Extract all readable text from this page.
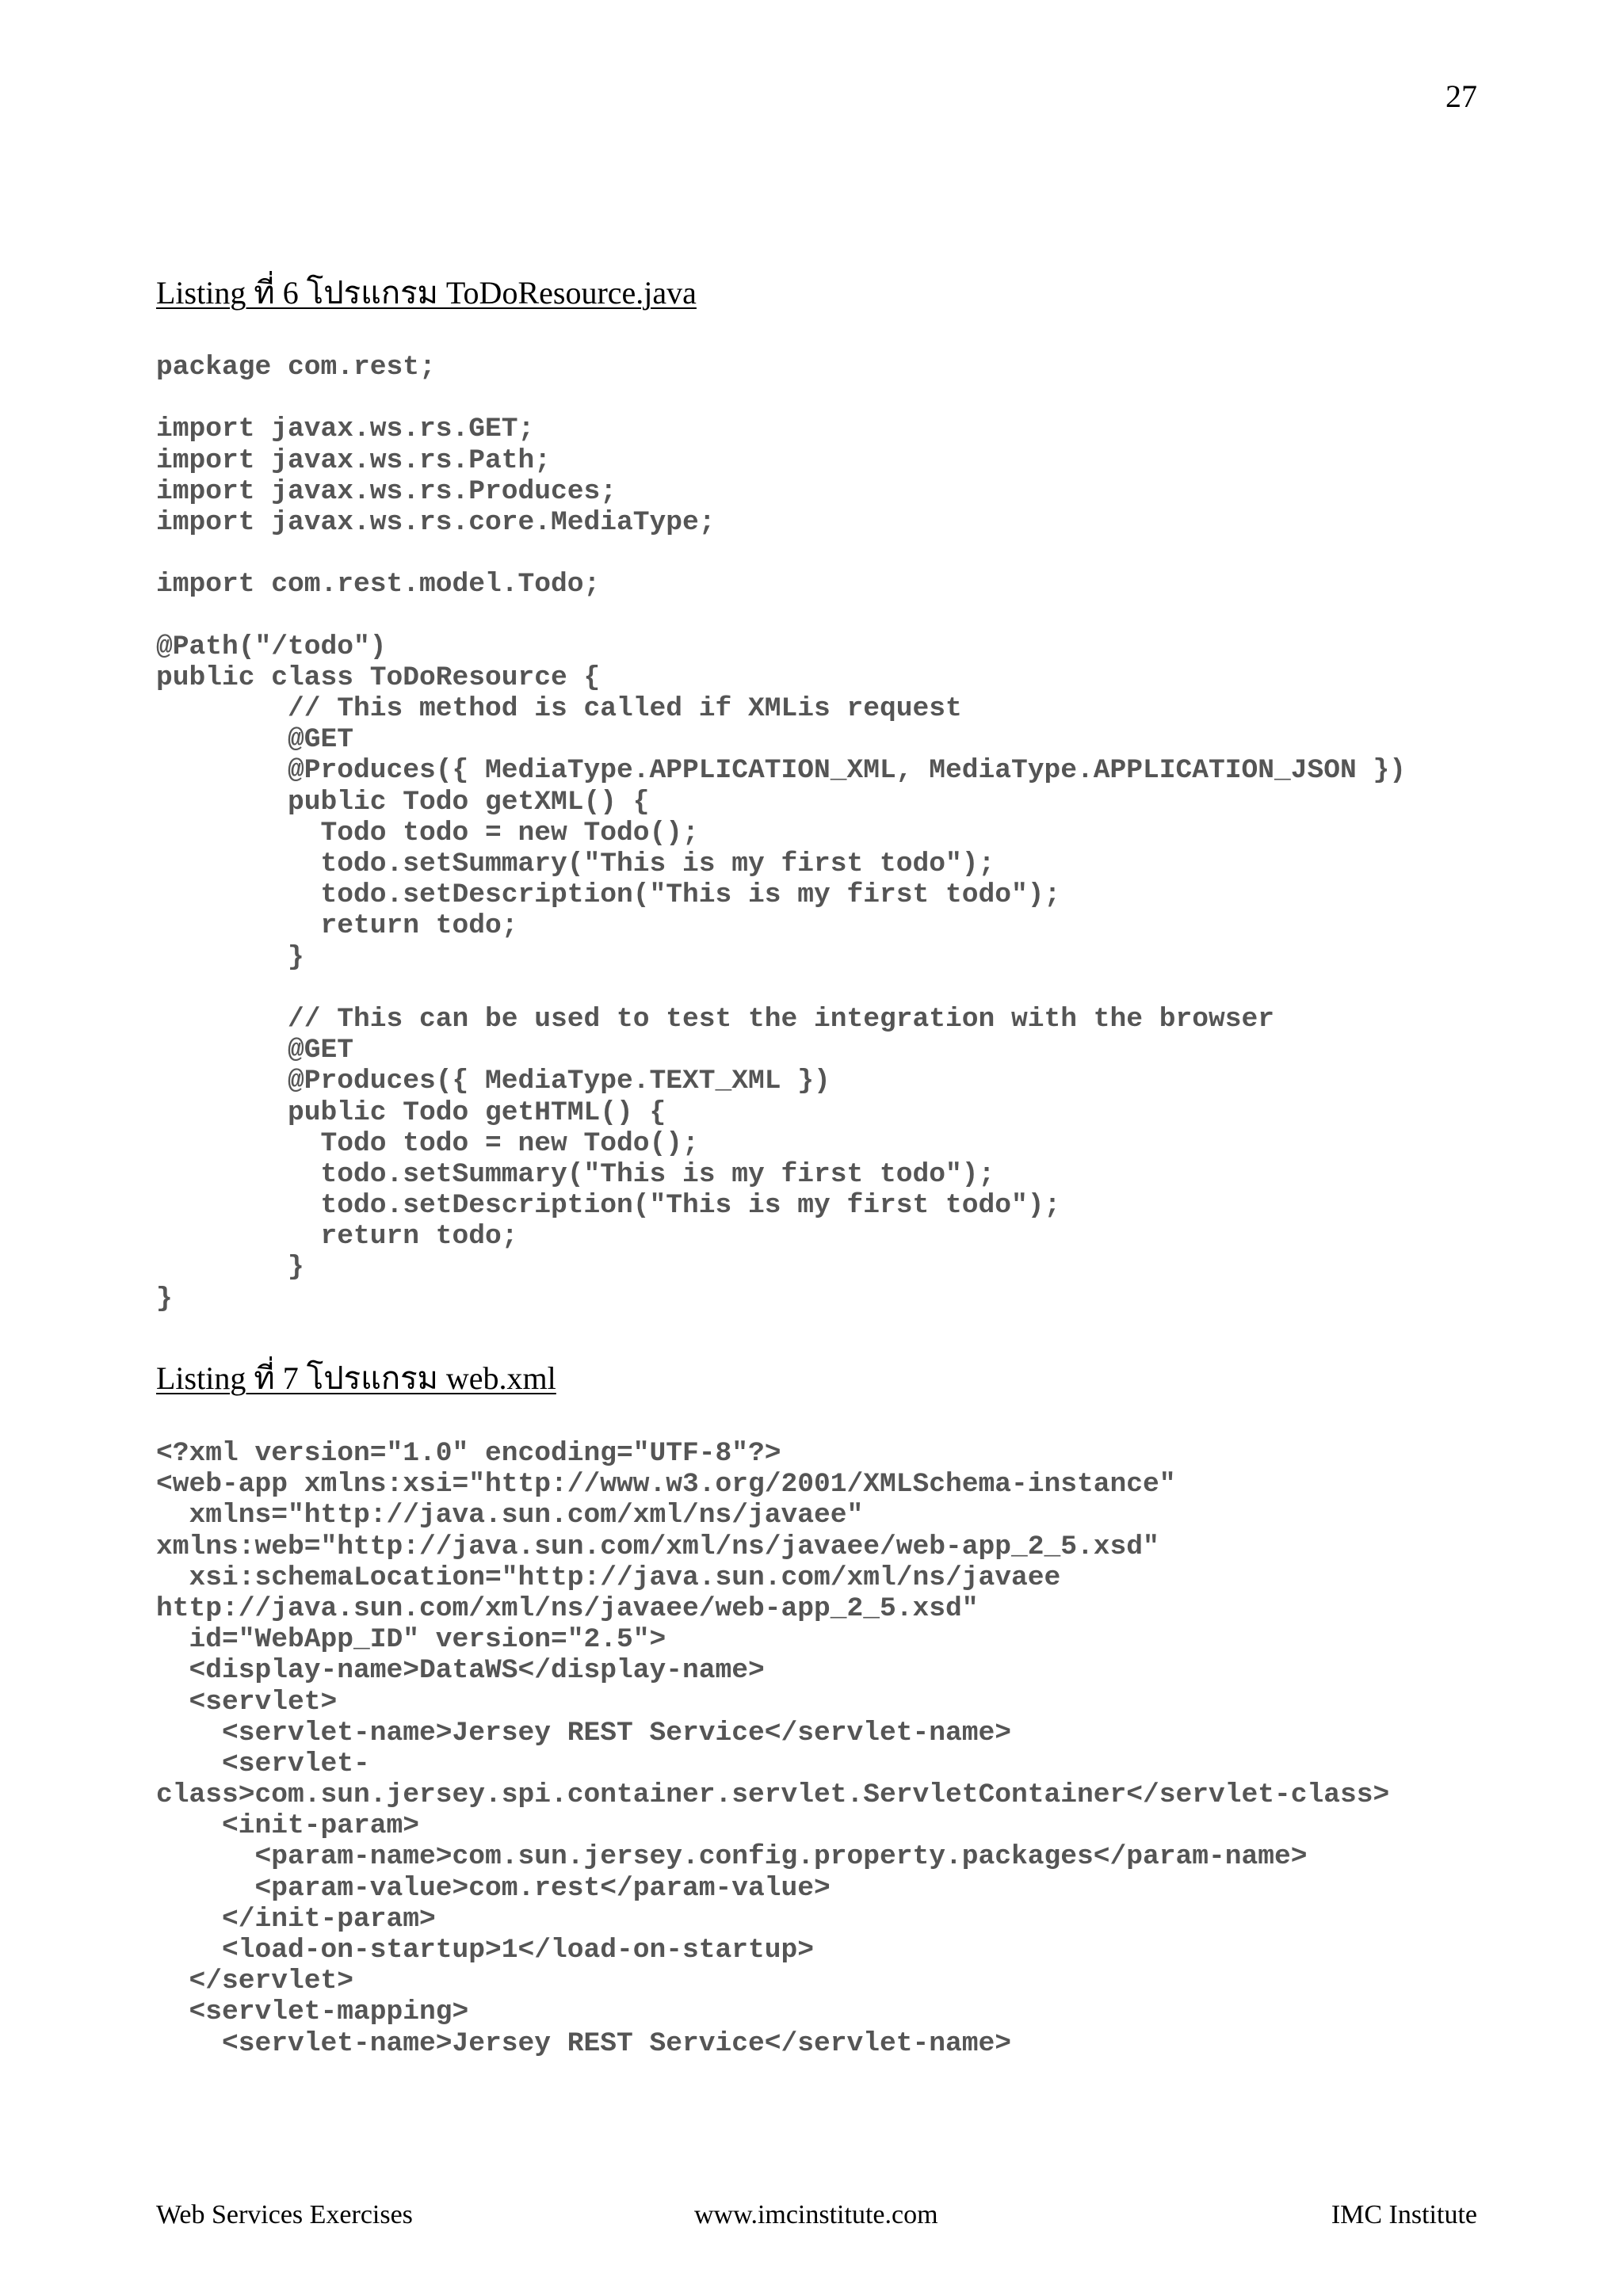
27
Listing ที่ 6 โปรแกรม ToDoResource.java
package com.rest;
import javax.ws.rs.GET;
import javax.ws.rs.Path;
import javax.ws.rs.Produces;
import javax.ws.rs.core.MediaType;
import com.rest.model.Todo;
@Path("/todo")
public class ToDoResource {
// This method is called if XMLis request
@GET
@Produces({ MediaType.APPLICATION_XML, MediaType.APPLICATION_JSON })
public Todo getXML() {
Todo todo = new Todo();
todo.setSummary("This is my first todo");
todo.setDescription("This is my first todo");
return todo;
}
// This can be used to test the integration with the browser
@GET
@Produces({ MediaType.TEXT_XML })
public Todo getHTML() {
Todo todo = new Todo();
todo.setSummary("This is my first todo");
todo.setDescription("This is my first todo");
return todo;
}
}
Listing ที่ 7 โปรแกรม web.xml
<?xml version="1.0" encoding="UTF-8"?>
<web-app xmlns:xsi="http://www.w3.org/2001/XMLSchema-instance"
xmlns="http://java.sun.com/xml/ns/javaee"
xmlns:web="http://java.sun.com/xml/ns/javaee/web-app_2_5.xsd"
xsi:schemaLocation="http://java.sun.com/xml/ns/javaee
http://java.sun.com/xml/ns/javaee/web-app_2_5.xsd"
id="WebApp_ID" version="2.5">
<display-name>DataWS</display-name>
<servlet>
<servlet-name>Jersey REST Service</servlet-name>
<servlet-
class>com.sun.jersey.spi.container.servlet.ServletContainer</servlet-class>
<init-param>
<param-name>com.sun.jersey.config.property.packages</param-name>
<param-value>com.rest</param-value>
</init-param>
<load-on-startup>1</load-on-startup>
</servlet>
<servlet-mapping>
<servlet-name>Jersey REST Service</servlet-name>
Web Services Exercises	www.imcinstitute.com	IMC Institute
